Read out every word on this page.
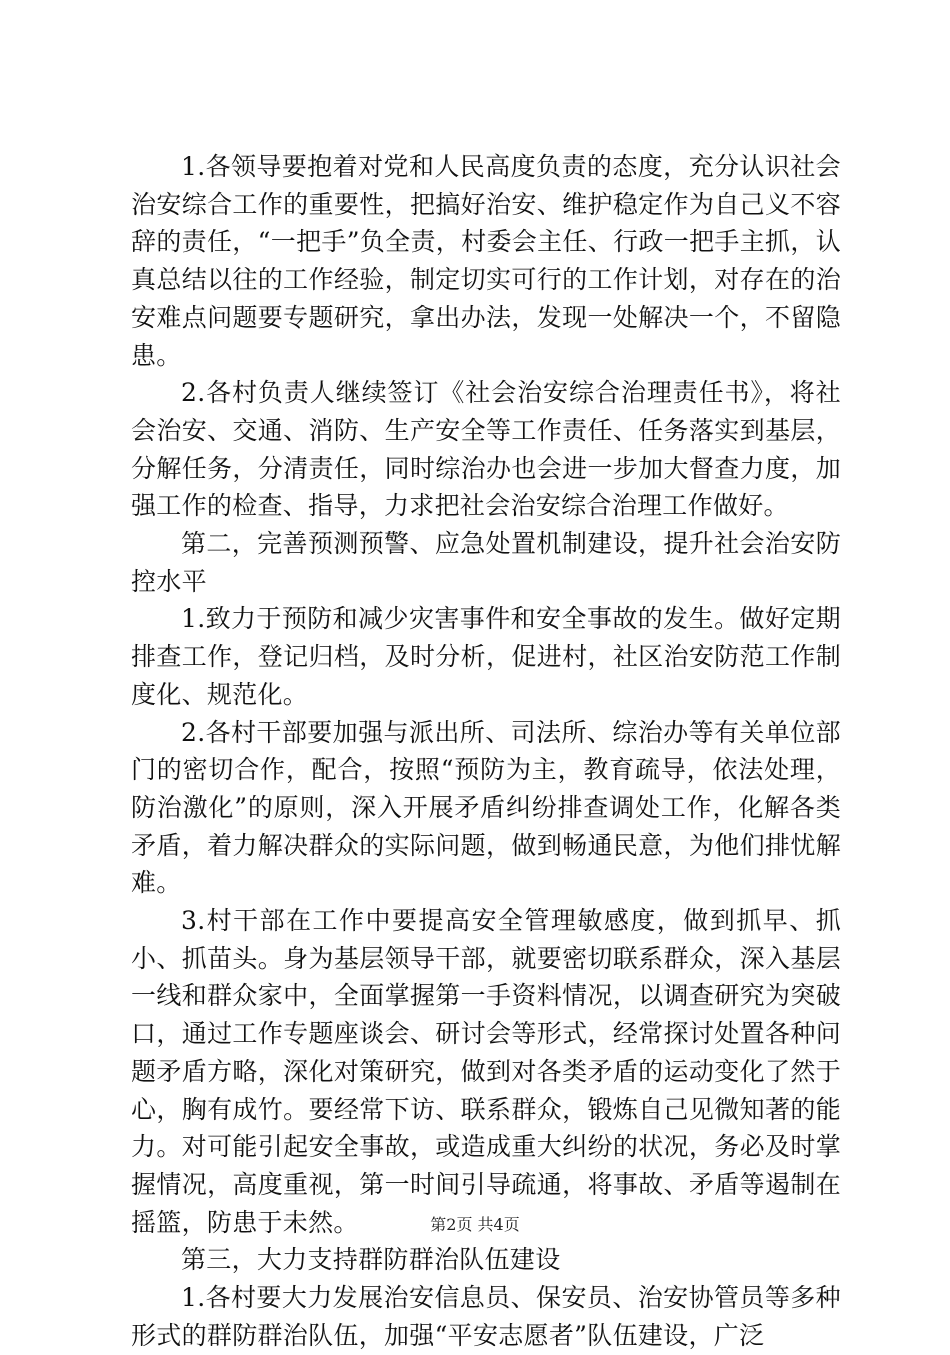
1.各领导要抱着对党和人民高度负责的态度，充分认识社会治安综合工作的重要性，把搞好治安、维护稳定作为自己义不容辞的责任，“一把手”负全责，村委会主任、行政一把手主抓，认真总结以往的工作经验，制定切实可行的工作计划，对存在的治安难点问题要专题研究，拿出办法，发现一处解决一个，不留隐患。

2.各村负责人继续签订《社会治安综合治理责任书》，将社会治安、交通、消防、生产安全等工作责任、任务落实到基层，分解任务，分清责任，同时综治办也会进一步加大督查力度，加强工作的检查、指导，力求把社会治安综合治理工作做好。

第二，完善预测预警、应急处置机制建设，提升社会治安防控水平

1.致力于预防和减少灾害事件和安全事故的发生。做好定期排查工作，登记归档，及时分析，促进村，社区治安防范工作制度化、规范化。

2.各村干部要加强与派出所、司法所、综治办等有关单位部门的密切合作，配合，按照“预防为主，教育疏导，依法处理，防治激化”的原则，深入开展矛盾纠纷排查调处工作，化解各类矛盾，着力解决群众的实际问题，做到畅通民意，为他们排忧解难。

3.村干部在工作中要提高安全管理敏感度，做到抓早、抓小、抓苗头。身为基层领导干部，就要密切联系群众，深入基层一线和群众家中，全面掌握第一手资料情况，以调查研究为突破口，通过工作专题座谈会、研讨会等形式，经常探讨处置各种问题矛盾方略，深化对策研究，做到对各类矛盾的运动变化了然于心，胸有成竹。要经常下访、联系群众，锻炼自己见微知著的能力。对可能引起安全事故，或造成重大纠纷的状况，务必及时掌握情况，高度重视，第一时间引导疏通，将事故、矛盾等遏制在摇篮，防患于未然。

第三，大力支持群防群治队伍建设

1.各村要大力发展治安信息员、保安员、治安协管员等多种形式的群防群治队伍，加强“平安志愿者”队伍建设，广泛

第2页 共4页
